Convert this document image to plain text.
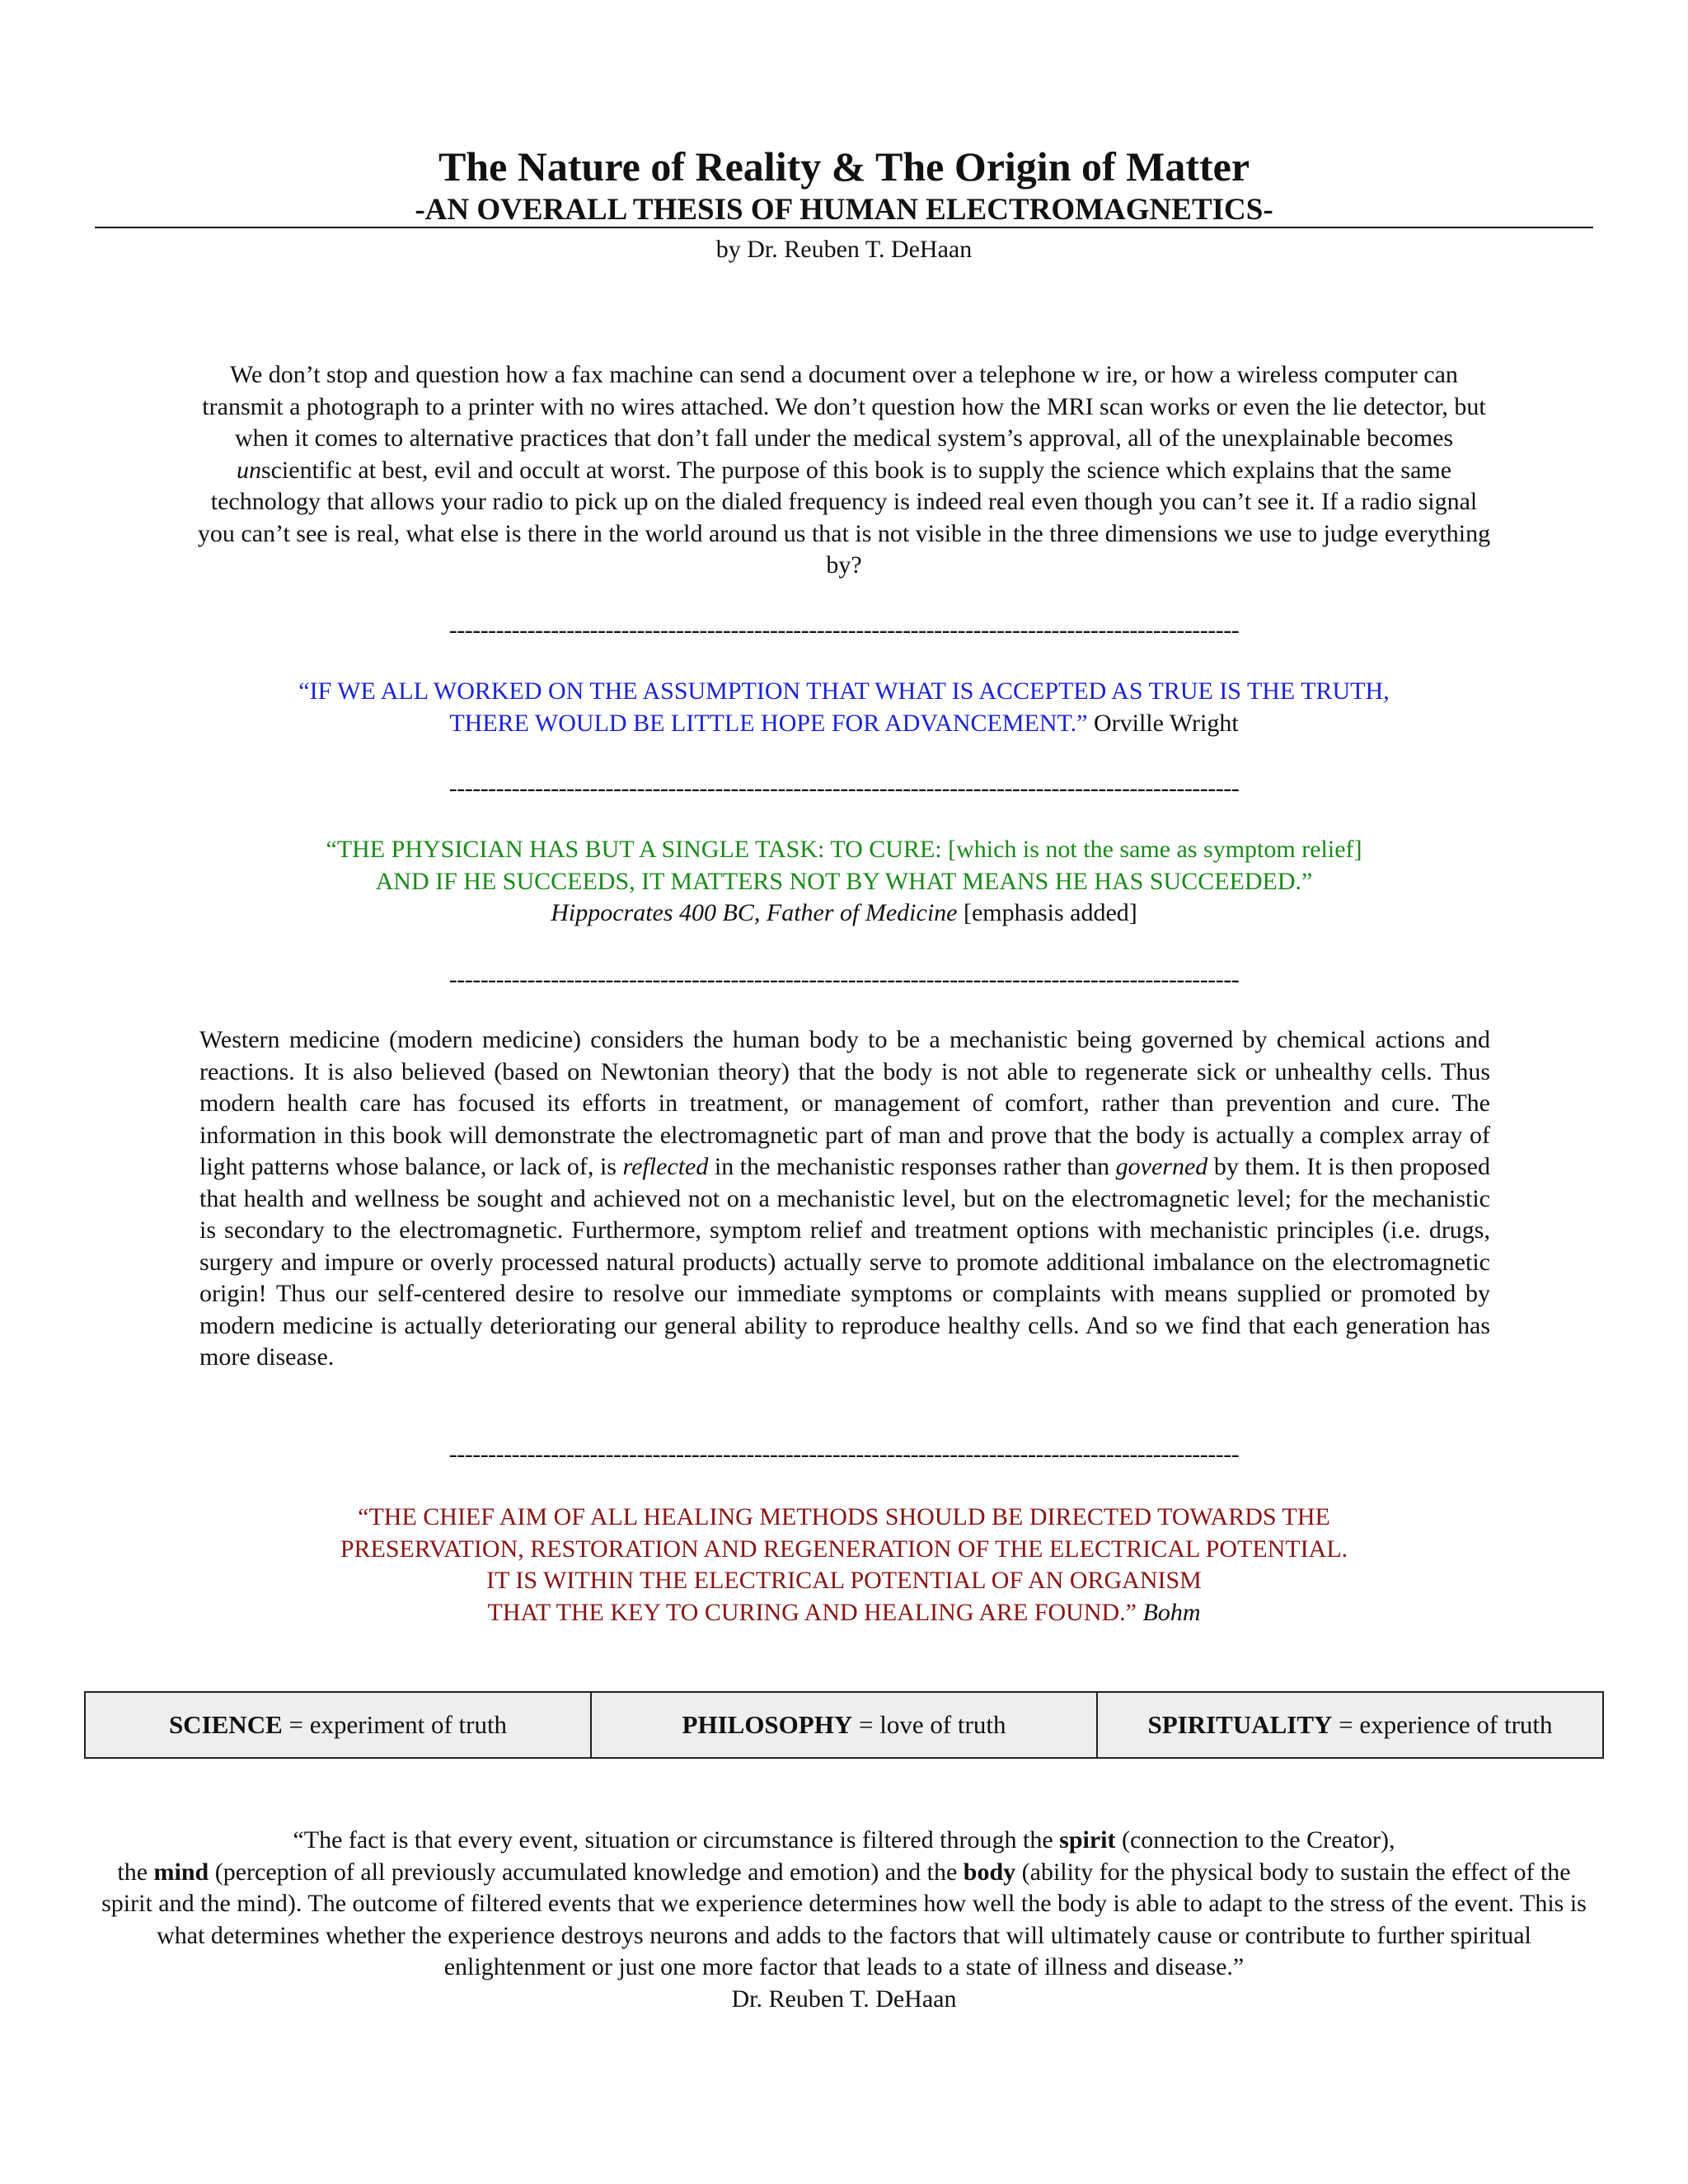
The Nature of Reality & The Origin of Matter
-AN OVERALL THESIS OF HUMAN ELECTROMAGNETICS-
by Dr. Reuben T. DeHaan
We don’t stop and question how a fax machine can send a document over a telephone w ire, or how a wireless computer can transmit a photograph to a printer with no wires attached. We don’t question how the MRI scan works or even the lie detector, but when it comes to alternative practices that don’t fall under the medical system’s approval, all of the unexplainable becomes unscientific at best, evil and occult at worst. The purpose of this book is to supply the science which explains that the same technology that allows your radio to pick up on the dialed frequency is indeed real even though you can’t see it. If a radio signal you can’t see is real, what else is there in the world around us that is not visible in the three dimensions we use to judge everything by?
-----------------------------------------------------------------------------------------------------
“IF WE ALL WORKED ON THE ASSUMPTION THAT WHAT IS ACCEPTED AS TRUE IS THE TRUTH,
THERE WOULD BE LITTLE HOPE FOR ADVANCEMENT.” Orville Wright
-----------------------------------------------------------------------------------------------------
“THE PHYSICIAN HAS BUT A SINGLE TASK: TO CURE: [which is not the same as symptom relief]
AND IF HE SUCCEEDS, IT MATTERS NOT BY WHAT MEANS HE HAS SUCCEEDED.”
Hippocrates 400 BC, Father of Medicine [emphasis added]
-----------------------------------------------------------------------------------------------------
Western medicine (modern medicine) considers the human body to be a mechanistic being governed by chemical actions and reactions. It is also believed (based on Newtonian theory) that the body is not able to regenerate sick or unhealthy cells. Thus modern health care has focused its efforts in treatment, or management of comfort, rather than prevention and cure. The information in this book will demonstrate the electromagnetic part of man and prove that the body is actually a complex array of light patterns whose balance, or lack of, is reflected in the mechanistic responses rather than governed by them. It is then proposed that health and wellness be sought and achieved not on a mechanistic level, but on the electromagnetic level; for the mechanistic is secondary to the electromagnetic. Furthermore, symptom relief and treatment options with mechanistic principles (i.e. drugs, surgery and impure or overly processed natural products) actually serve to promote additional imbalance on the electromagnetic origin! Thus our self-centered desire to resolve our immediate symptoms or complaints with means supplied or promoted by modern medicine is actually deteriorating our general ability to reproduce healthy cells. And so we find that each generation has more disease.
-----------------------------------------------------------------------------------------------------
“THE CHIEF AIM OF ALL HEALING METHODS SHOULD BE DIRECTED TOWARDS THE
PRESERVATION, RESTORATION AND REGENERATION OF THE ELECTRICAL POTENTIAL.
IT IS WITHIN THE ELECTRICAL POTENTIAL OF AN ORGANISM
THAT THE KEY TO CURING AND HEALING ARE FOUND.” Bohm
SCIENCE = experiment of truth	PHILOSOPHY = love of truth	SPIRITUALITY = experience of truth
“The fact is that every event, situation or circumstance is filtered through the spirit (connection to the Creator),
the mind (perception of all previously accumulated knowledge and emotion) and the body (ability for the physical body to sustain the effect of the spirit and the mind). The outcome of filtered events that we experience determines how well the body is able to adapt to the stress of the event. This is what determines whether the experience destroys neurons and adds to the factors that will ultimately cause or contribute to further spiritual enlightenment or just one more factor that leads to a state of illness and disease.”
Dr. Reuben T. DeHaan
